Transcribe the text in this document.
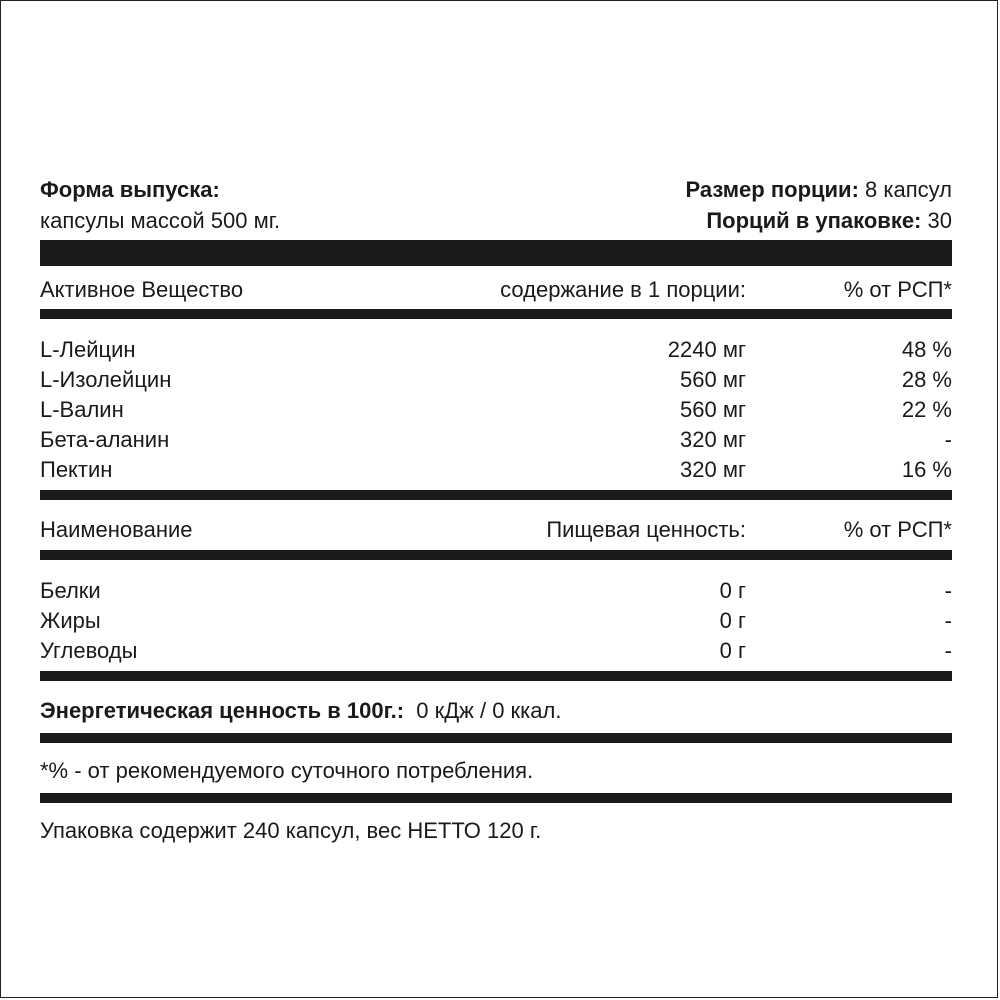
Форма выпуска:	Размер порции: 8 капсул
капсулы массой 500 мг.	Порций в упаковке: 30
Активное Вещество	содержание в 1 порции:	% от РСП*
L-Лейцин	2240 мг	48 %
L-Изолейцин	560 мг	28 %
L-Валин	560 мг	22 %
Бета-аланин	320 мг	-
Пектин	320 мг	16 %
Наименование	Пищевая ценность:	% от РСП*
Белки	0 г	-
Жиры	0 г	-
Углеводы	0 г	-
Энергетическая ценность в 100г.: 0 кДж / 0 ккал.
*% - от рекомендуемого суточного потребления.
Упаковка содержит 240 капсул, вес НЕТТО 120 г.
